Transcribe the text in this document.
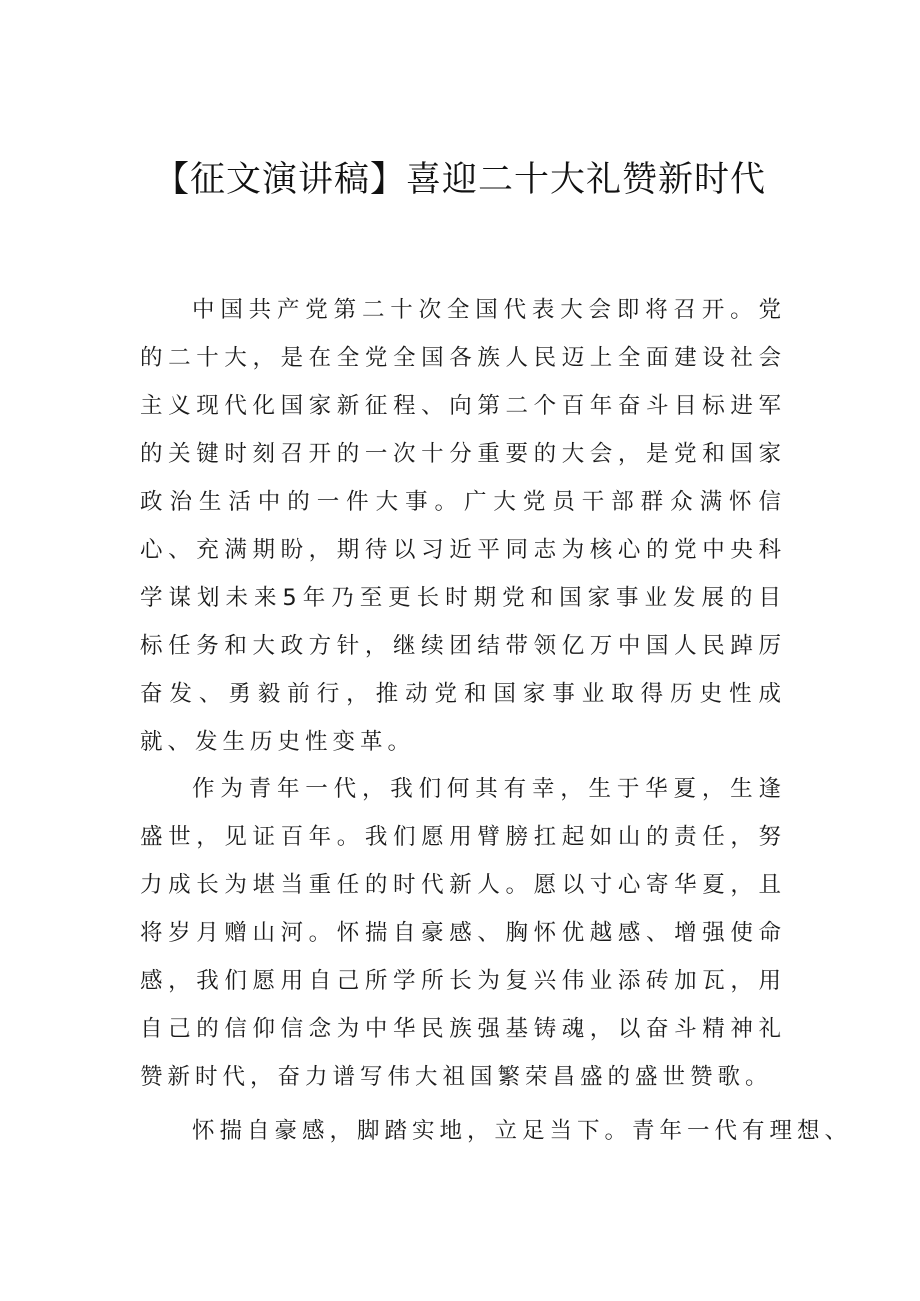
【征文演讲稿】喜迎二十大礼赞新时代

中国共产党第二十次全国代表大会即将召开。党的二十大，是在全党全国各族人民迈上全面建设社会主义现代化国家新征程、向第二个百年奋斗目标进军的关键时刻召开的一次十分重要的大会，是党和国家政治生活中的一件大事。广大党员干部群众满怀信心、充满期盼，期待以习近平同志为核心的党中央科学谋划未来5年乃至更长时期党和国家事业发展的目标任务和大政方针，继续团结带领亿万中国人民踔厉奋发、勇毅前行，推动党和国家事业取得历史性成就、发生历史性变革。

作为青年一代，我们何其有幸，生于华夏，生逢盛世，见证百年。我们愿用臂膀扛起如山的责任，努力成长为堪当重任的时代新人。愿以寸心寄华夏，且将岁月赠山河。怀揣自豪感、胸怀优越感、增强使命感，我们愿用自己所学所长为复兴伟业添砖加瓦，用自己的信仰信念为中华民族强基铸魂，以奋斗精神礼赞新时代，奋力谱写伟大祖国繁荣昌盛的盛世赞歌。

怀揣自豪感，脚踏实地，立足当下。青年一代有理想、
